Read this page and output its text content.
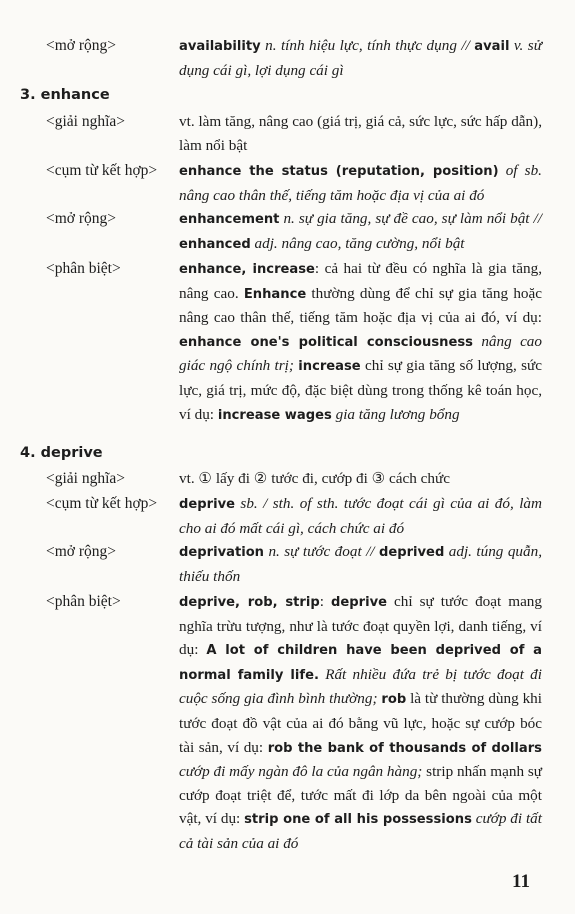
<mở rộng>	availability n. tính hiệu lực, tính thực dụng // avail v. sử dụng cái gì, lợi dụng cái gì
3. enhance
<giải nghĩa>	vt. làm tăng, nâng cao (giá trị, giá cả, sức lực, sức hấp dẫn), làm nổi bật
<cụm từ kết hợp> enhance the status (reputation, position) of sb. nâng cao thân thế, tiếng tăm hoặc địa vị của ai đó
<mở rộng>	enhancement n. sự gia tăng, sự đề cao, sự làm nổi bật // enhanced adj. nâng cao, tăng cường, nổi bật
<phân biệt>	enhance, increase: cả hai từ đều có nghĩa là gia tăng, nâng cao. Enhance thường dùng để chỉ sự gia tăng hoặc nâng cao thân thế, tiếng tăm hoặc địa vị của ai đó, ví dụ: enhance one's political consciousness nâng cao giác ngộ chính trị; increase chỉ sự gia tăng số lượng, sức lực, giá trị, mức độ, đặc biệt dùng trong thống kê toán học, ví dụ: increase wages gia tăng lương bổng
4. deprive
<giải nghĩa>	vt. ① lấy đi ② tước đi, cướp đi ③ cách chức
<cụm từ kết hợp> deprive sb. / sth. of sth. tước đoạt cái gì của ai đó, làm cho ai đó mất cái gì, cách chức ai đó
<mở rộng>	deprivation n. sự tước đoạt // deprived adj. túng quẫn, thiếu thốn
<phân biệt>	deprive, rob, strip: deprive chỉ sự tước đoạt mang nghĩa trừu tượng, như là tước đoạt quyền lợi, danh tiếng, ví dụ: A lot of children have been deprived of a normal family life. Rất nhiều đứa trẻ bị tước đoạt đi cuộc sống gia đình bình thường; rob là từ thường dùng khi tước đoạt đồ vật của ai đó bằng vũ lực, hoặc sự cướp bóc tài sản, ví dụ: rob the bank of thousands of dollars cướp đi mấy ngàn đô la của ngân hàng; strip nhấn mạnh sự cướp đoạt triệt để, tước mất đi lớp da bên ngoài của một vật, ví dụ: strip one of all his possessions cướp đi tất cả tài sản của ai đó
11
